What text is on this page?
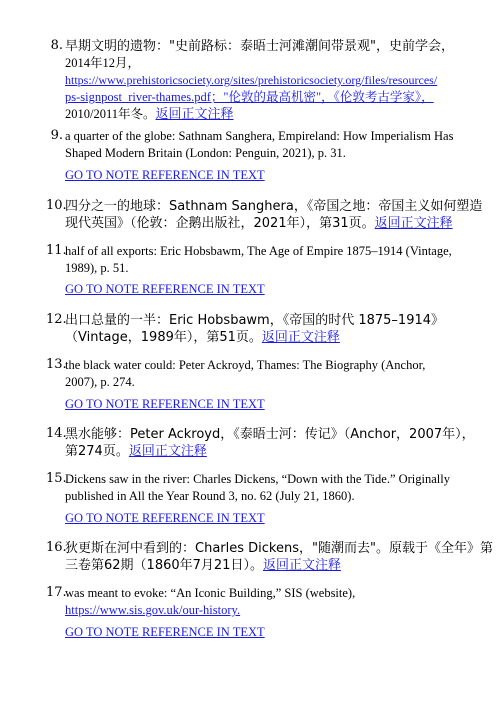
8. 早期文明的遗物："史前路标：泰晤士河滩潮间带景观"，史前学会，
2014年12月，
https://www.prehistoricsociety.org/sites/prehistoricsociety.org/files/resources/
ps-signpost_river-thames.pdf；"伦敦的最高机密"，《伦敦考古学家》，
2010/2011年冬。返回正文注释
9. a quarter of the globe: Sathnam Sanghera, Empireland: How Imperialism Has
Shaped Modern Britain (London: Penguin, 2021), p. 31.
GO TO NOTE REFERENCE IN TEXT
10.
四分之一的地球：Sathnam Sanghera，《帝国之地：帝国主义如何塑造
现代英国》（伦敦：企鹅出版社，2021年），第31页。返回正文注释
11.
half of all exports: Eric Hobsbawm, The Age of Empire 1875–1914 (Vintage,
1989), p. 51.
GO TO NOTE REFERENCE IN TEXT
12.
出口总量的一半：Eric Hobsbawm，《帝国的时代 1875–1914》
（Vintage，1989年），第51页。返回正文注释
13.
the black water could: Peter Ackroyd, Thames: The Biography (Anchor,
2007), p. 274.
GO TO NOTE REFERENCE IN TEXT
14.
黑水能够：Peter Ackroyd，《泰晤士河：传记》（Anchor，2007年），
第274页。返回正文注释
15.
Dickens saw in the river: Charles Dickens, “Down with the Tide.” Originally
published in All the Year Round 3, no. 62 (July 21, 1860).
GO TO NOTE REFERENCE IN TEXT
16.
狄更斯在河中看到的：Charles Dickens，"随潮而去"。原载于《全年》第
三卷第62期（1860年7月21日）。返回正文注释
17.
was meant to evoke: “An Iconic Building,” SIS (website),
https://www.sis.gov.uk/our-history.
GO TO NOTE REFERENCE IN TEXT
